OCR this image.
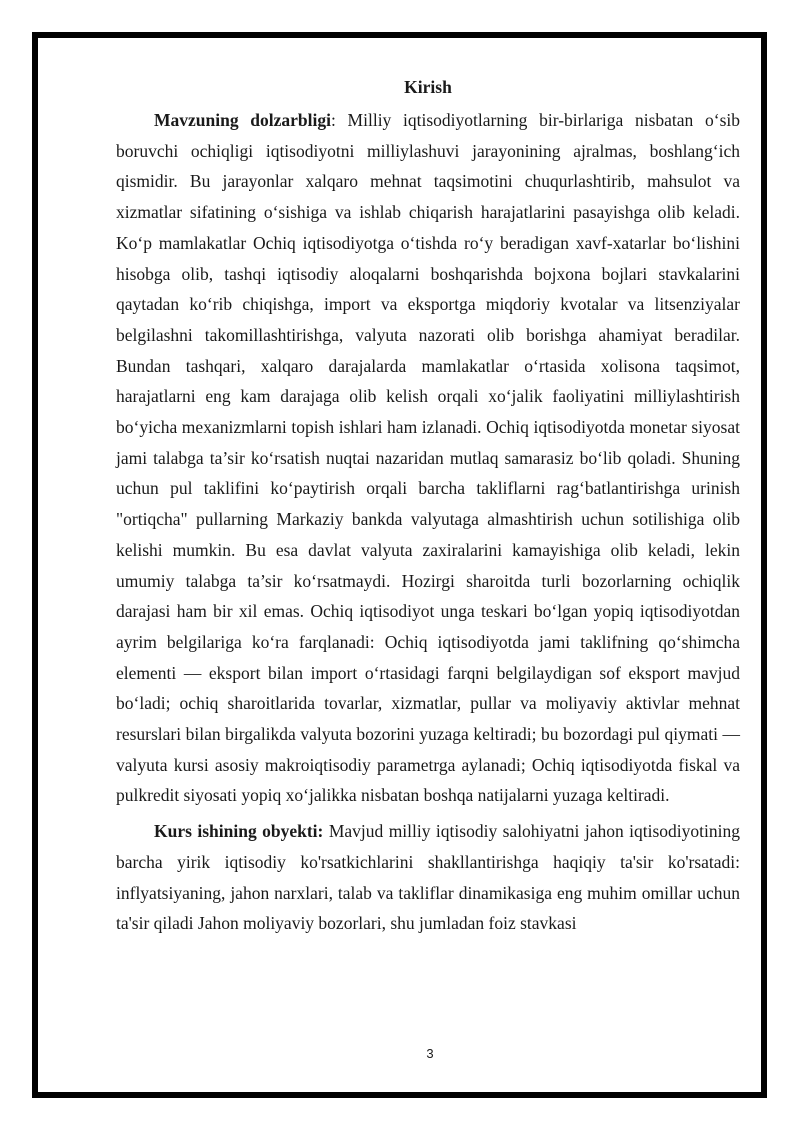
Kirish

Mavzuning dolzarbligi: Milliy iqtisodiyotlarning bir-birlariga nisbatan o‘sib boruvchi ochiqligi iqtisodiyotni milliylashuvi jarayonining ajralmas, boshlang‘ich qismidir. Bu jarayonlar xalqaro mehnat taqsimotini chuqurlashtirib, mahsulot va xizmatlar sifatining o‘sishiga va ishlab chiqarish harajatlarini pasayishga olib keladi. Ko‘p mamlakatlar Ochiq iqtisodiyotga o‘tishda ro‘y beradigan xavf-xatarlar bo‘lishini hisobga olib, tashqi iqtisodiy aloqalarni boshqarishda bojxona bojlari stavkalarini qaytadan ko‘rib chiqishga, import va eksportga miqdoriy kvotalar va litsenziyalar belgilashni takomillashtirishga, valyuta nazorati olib borishga ahamiyat beradilar. Bundan tashqari, xalqaro darajalarda mamlakatlar o‘rtasida xolisona taqsimot, harajatlarni eng kam darajaga olib kelish orqali xo‘jalik faoliyatini milliylashtirish bo‘yicha mexanizmlarni topish ishlari ham izlanadi. Ochiq iqtisodiyotda monetar siyosat jami talabga ta’sir ko‘rsatish nuqtai nazaridan mutlaq samarasiz bo‘lib qoladi. Shuning uchun pul taklifini ko‘paytirish orqali barcha takliflarni rag‘batlantirishga urinish "ortiqcha" pullarning Markaziy bankda valyutaga almashtirish uchun sotilishiga olib kelishi mumkin. Bu esa davlat valyuta zaxiralarini kamayishiga olib keladi, lekin umumiy talabga ta’sir ko‘rsatmaydi. Hozirgi sharoitda turli bozorlarning ochiqlik darajasi ham bir xil emas. Ochiq iqtisodiyot unga teskari bo‘lgan yopiq iqtisodiyotdan ayrim belgilariga ko‘ra farqlanadi: Ochiq iqtisodiyotda jami taklifning qo‘shimcha elementi — eksport bilan import o‘rtasidagi farqni belgilaydigan sof eksport mavjud bo‘ladi; ochiq sharoitlarida tovarlar, xizmatlar, pullar va moliyaviy aktivlar mehnat resurslari bilan birgalikda valyuta bozorini yuzaga keltiradi; bu bozordagi pul qiymati — valyuta kursi asosiy makroiqtisodiy parametrga aylanadi; Ochiq iqtisodiyotda fiskal va pulkredit siyosati yopiq xo‘jalikka nisbatan boshqa natijalarni yuzaga keltiradi.

Kurs ishining obyekti: Mavjud milliy iqtisodiy salohiyatni jahon iqtisodiyotining barcha yirik iqtisodiy ko'rsatkichlarini shakllantirishga haqiqiy ta'sir ko'rsatadi: inflyatsiyaning, jahon narxlari, talab va takliflar dinamikasiga eng muhim omillar uchun ta'sir qiladi Jahon moliyaviy bozorlari, shu jumladan foiz stavkasi

3
